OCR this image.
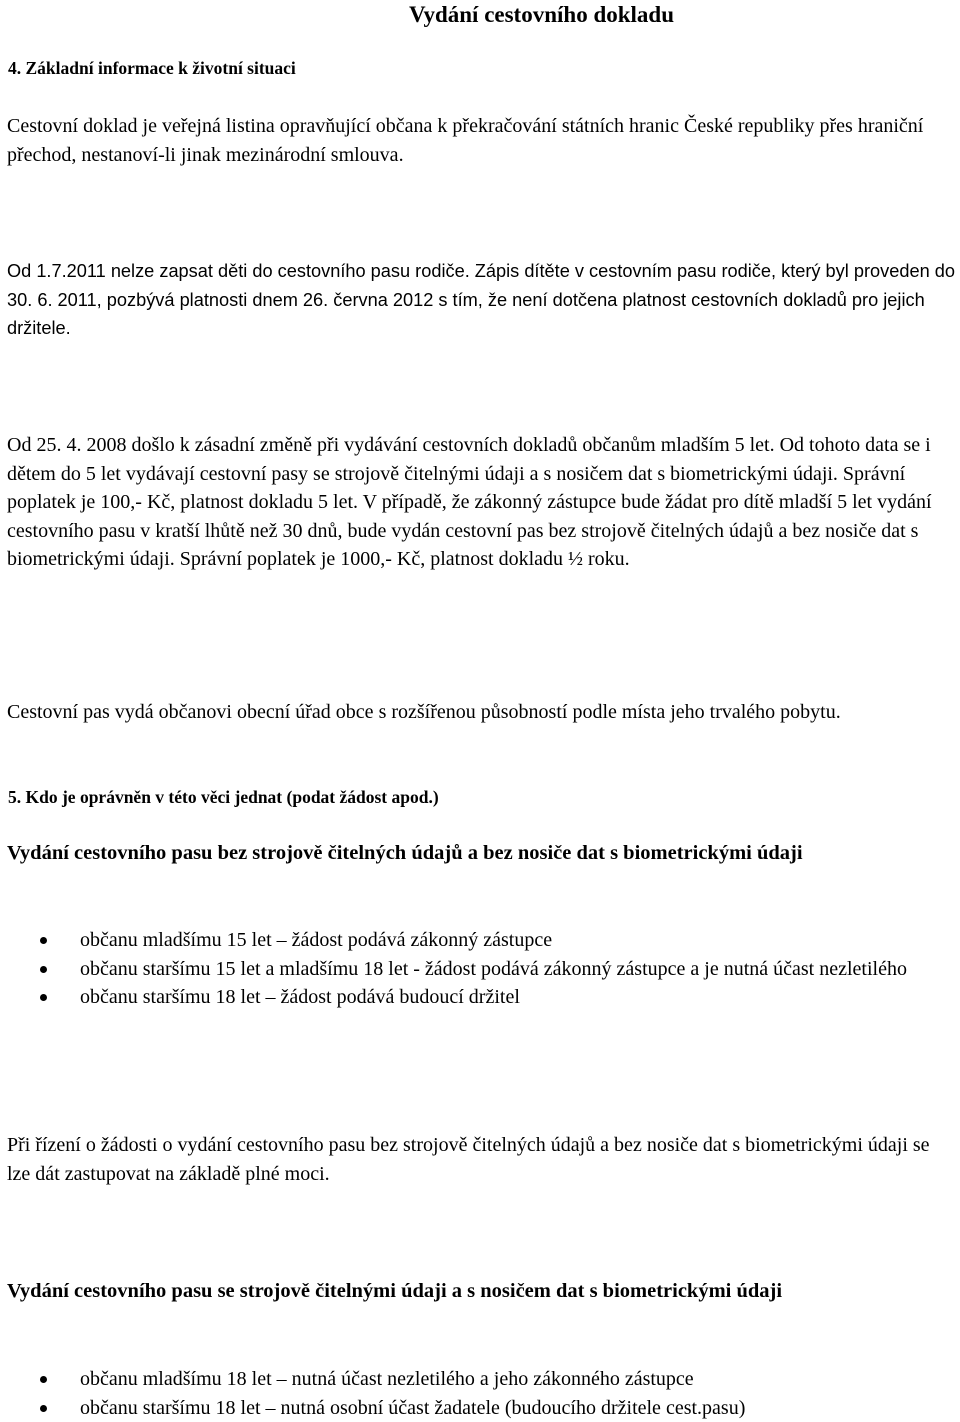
Vydání cestovního dokladu
4. Základní informace k životní situaci

Cestovní doklad je veřejná listina opravňující občana k překračování státních hranic České republiky přes hraniční přechod, nestanoví-li jinak mezinárodní smlouva.

Od 1.7.2011 nelze zapsat děti do cestovního pasu rodiče. Zápis dítěte v cestovním pasu rodiče, který byl proveden do 30. 6. 2011, pozbývá platnosti dnem 26. června 2012 s tím, že není dotčena platnost cestovních dokladů pro jejich držitele.

Od 25. 4. 2008 došlo k zásadní změně při vydávání cestovních dokladů občanům mladším 5 let. Od tohoto data se i dětem do 5 let vydávají cestovní pasy se strojově čitelnými údaji a s nosičem dat s biometrickými údaji. Správní poplatek je 100,- Kč, platnost dokladu 5 let. V případě, že zákonný zástupce bude žádat pro dítě mladší 5 let vydání cestovního pasu v kratší lhůtě než 30 dnů, bude vydán cestovní pas bez strojově čitelných údajů a bez nosiče dat s biometrickými údaji. Správní poplatek je 1000,- Kč, platnost dokladu ½ roku.

Cestovní pas vydá občanovi obecní úřad obce s rozšířenou působností podle místa jeho trvalého pobytu.

5. Kdo je oprávněn v této věci jednat (podat žádost apod.)
Vydání cestovního pasu bez strojově čitelných údajů a bez nosiče dat s biometrickými údaji
občanu mladšímu 15 let – žádost podává zákonný zástupce
občanu staršímu 15 let a mladšímu 18 let - žádost podává zákonný zástupce a je nutná účast nezletilého
občanu staršímu 18 let – žádost podává budoucí držitel

Při řízení o žádosti o vydání cestovního pasu bez strojově čitelných údajů a bez nosiče dat s biometrickými údaji se lze dát zastupovat na základě plné moci.

Vydání cestovního pasu se strojově čitelnými údaji a s nosičem dat s biometrickými údaji
občanu mladšímu 18 let – nutná účast nezletilého a jeho zákonného zástupce
občanu staršímu 18 let – nutná osobní účast žadatele (budoucího držitele cest.pasu)
